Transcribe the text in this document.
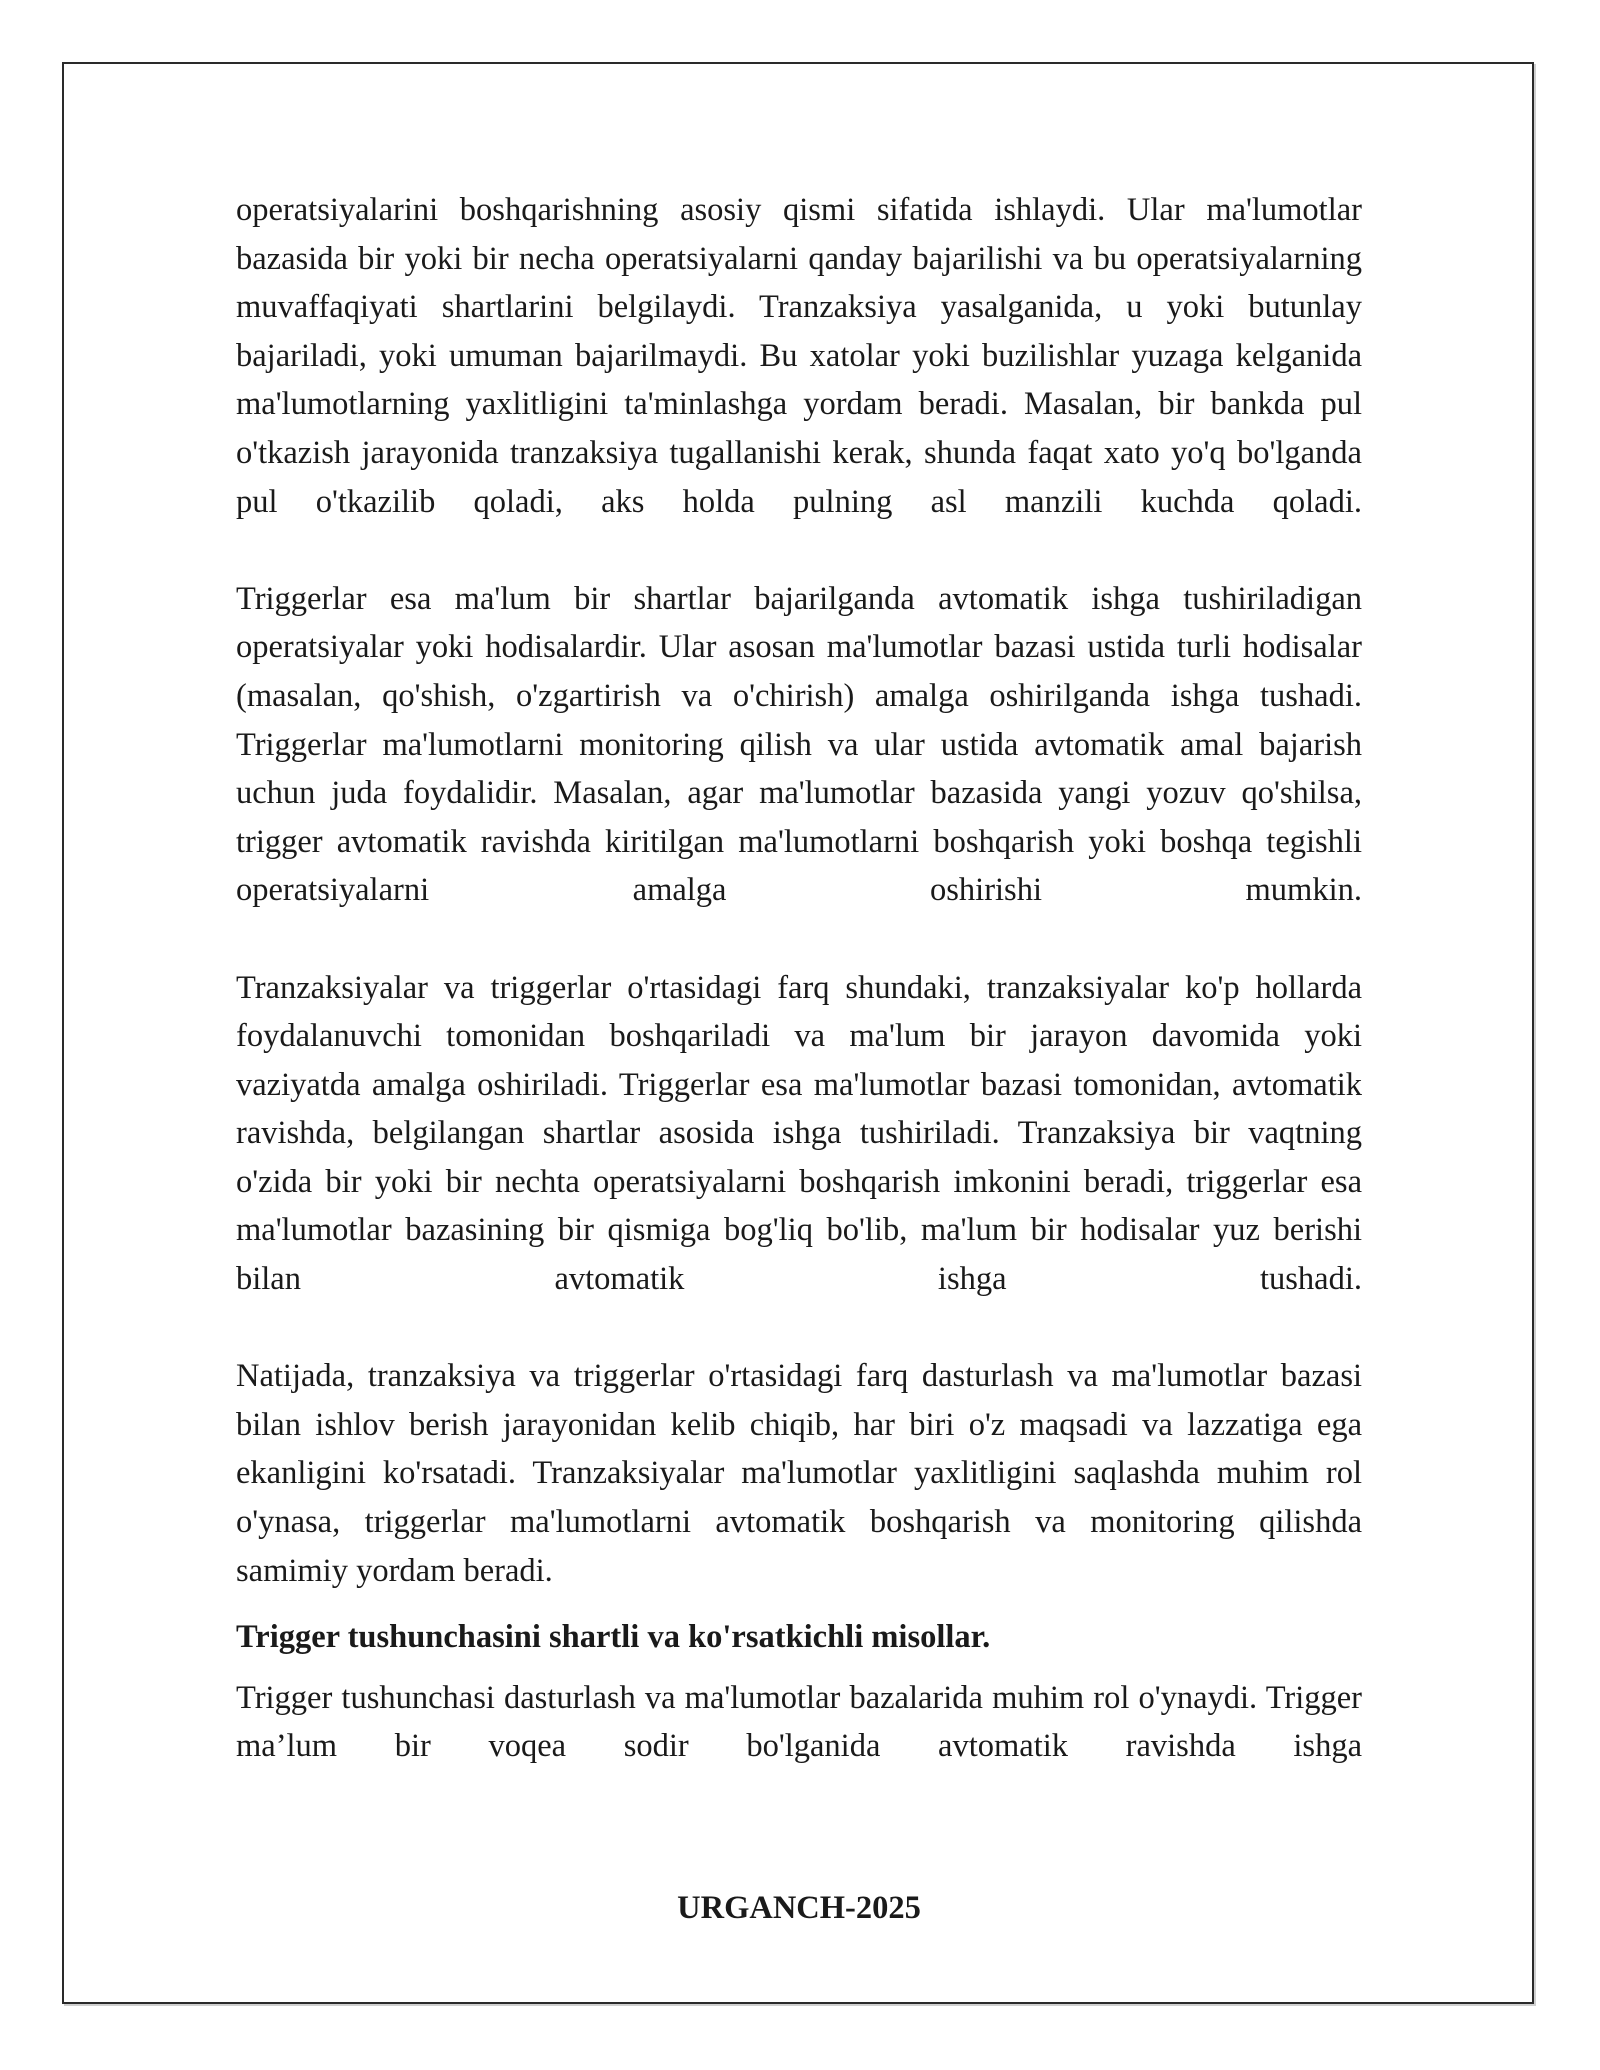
operatsiyalarini boshqarishning asosiy qismi sifatida ishlaydi. Ular ma'lumotlar bazasida bir yoki bir necha operatsiyalarni qanday bajarilishi va bu operatsiyalarning muvaffaqiyati shartlarini belgilaydi. Tranzaksiya yasalganida, u yoki butunlay bajariladi, yoki umuman bajarilmaydi. Bu xatolar yoki buzilishlar yuzaga kelganida ma'lumotlarning yaxlitligini ta'minlashga yordam beradi. Masalan, bir bankda pul o'tkazish jarayonida tranzaksiya tugallanishi kerak, shunda faqat xato yo'q bo'lganda pul o'tkazilib qoladi, aks holda pulning asl manzili kuchda qoladi.

Triggerlar esa ma'lum bir shartlar bajarilganda avtomatik ishga tushiriladigan operatsiyalar yoki hodisalardir. Ular asosan ma'lumotlar bazasi ustida turli hodisalar (masalan, qo'shish, o'zgartirish va o'chirish) amalga oshirilganda ishga tushadi. Triggerlar ma'lumotlarni monitoring qilish va ular ustida avtomatik amal bajarish uchun juda foydalidir. Masalan, agar ma'lumotlar bazasida yangi yozuv qo'shilsa, trigger avtomatik ravishda kiritilgan ma'lumotlarni boshqarish yoki boshqa tegishli operatsiyalarni amalga oshirishi mumkin.

Tranzaksiyalar va triggerlar o'rtasidagi farq shundaki, tranzaksiyalar ko'p hollarda foydalanuvchi tomonidan boshqariladi va ma'lum bir jarayon davomida yoki vaziyatda amalga oshiriladi. Triggerlar esa ma'lumotlar bazasi tomonidan, avtomatik ravishda, belgilangan shartlar asosida ishga tushiriladi. Tranzaksiya bir vaqtning o'zida bir yoki bir nechta operatsiyalarni boshqarish imkonini beradi, triggerlar esa ma'lumotlar bazasining bir qismiga bog'liq bo'lib, ma'lum bir hodisalar yuz berishi bilan avtomatik ishga tushadi.

Natijada, tranzaksiya va triggerlar o'rtasidagi farq dasturlash va ma'lumotlar bazasi bilan ishlov berish jarayonidan kelib chiqib, har biri o'z maqsadi va lazzatiga ega ekanligini ko'rsatadi. Tranzaksiyalar ma'lumotlar yaxlitligini saqlashda muhim rol o'ynasa, triggerlar ma'lumotlarni avtomatik boshqarish va monitoring qilishda samimiy yordam beradi.

Trigger tushunchasini shartli va ko'rsatkichli misollar.

Trigger tushunchasi dasturlash va ma'lumotlar bazalarida muhim rol o'ynaydi. Trigger ma’lum bir voqea sodir bo'lganida avtomatik ravishda ishga

URGANCH-2025
